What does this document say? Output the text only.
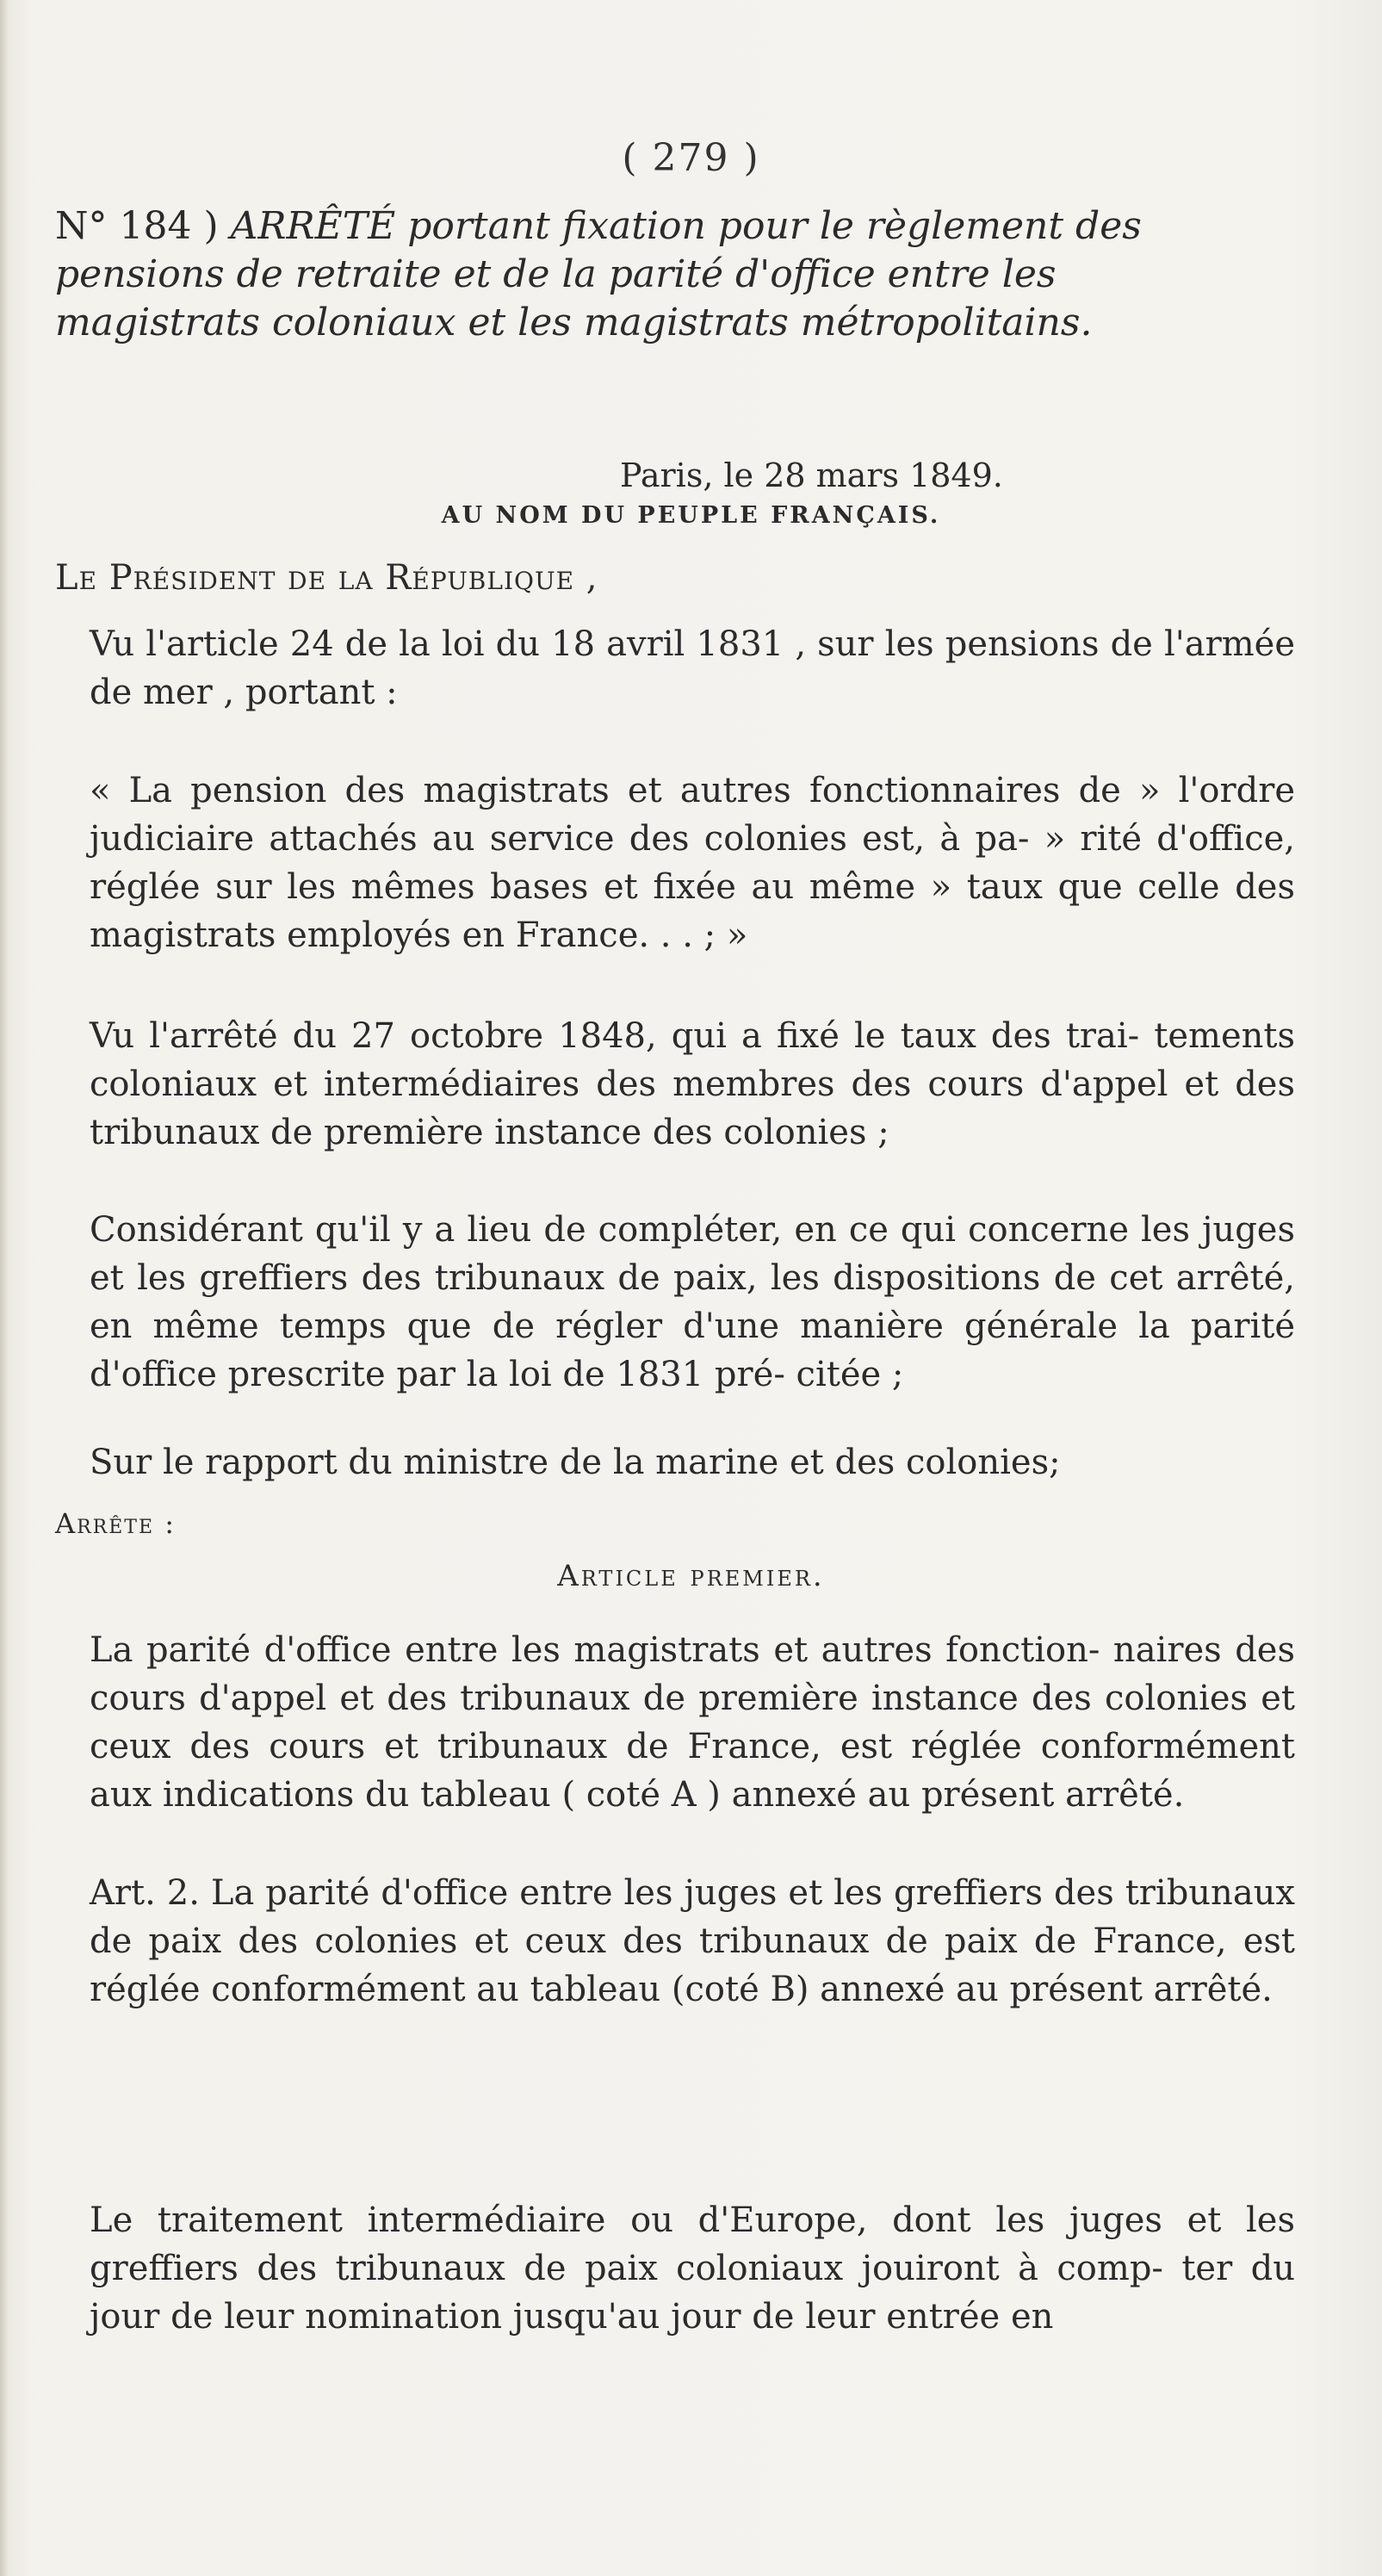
( 279 )
N° 184 ) ARRÊTÉ portant fixation pour le règlement des pensions de retraite et de la parité d'office entre les magistrats coloniaux et les magistrats métropolitains.
Paris, le 28 mars 1849.
AU NOM DU PEUPLE FRANÇAIS.
Le Président de la République ,

Vu l'article 24 de la loi du 18 avril 1831 , sur les pensions de l'armée de mer , portant :

« La pension des magistrats et autres fonctionnaires de » l'ordre judiciaire attachés au service des colonies est, à pa- » rité d'office, réglée sur les mêmes bases et fixée au même » taux que celle des magistrats employés en France. . . ; »

Vu l'arrêté du 27 octobre 1848, qui a fixé le taux des trai- tements coloniaux et intermédiaires des membres des cours d'appel et des tribunaux de première instance des colonies ;

Considérant qu'il y a lieu de compléter, en ce qui concerne les juges et les greffiers des tribunaux de paix, les dispositions de cet arrêté, en même temps que de régler d'une manière générale la parité d'office prescrite par la loi de 1831 pré- citée ;

Sur le rapport du ministre de la marine et des colonies;

Arrête :
Article premier.

La parité d'office entre les magistrats et autres fonction- naires des cours d'appel et des tribunaux de première instance des colonies et ceux des cours et tribunaux de France, est réglée conformément aux indications du tableau ( coté A ) annexé au présent arrêté.

Art. 2. La parité d'office entre les juges et les greffiers des tribunaux de paix des colonies et ceux des tribunaux de paix de France, est réglée conformément au tableau (coté B) annexé au présent arrêté.

Le traitement intermédiaire ou d'Europe, dont les juges et les greffiers des tribunaux de paix coloniaux jouiront à comp- ter du jour de leur nomination jusqu'au jour de leur entrée en
